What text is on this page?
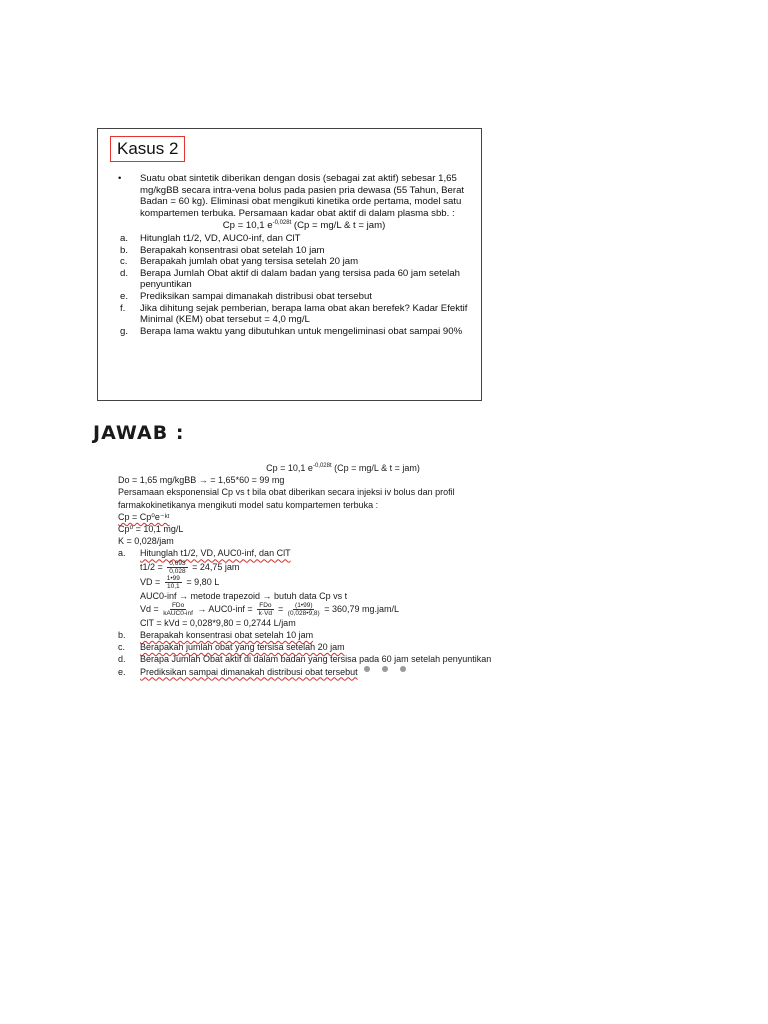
Kasus 2
•	Suatu obat sintetik diberikan dengan dosis (sebagai zat aktif) sebesar 1,65 mg/kgBB secara intra-vena bolus pada pasien pria dewasa (55 Tahun, Berat Badan = 60 kg). Eliminasi obat mengikuti kinetika orde pertama, model satu kompartemen terbuka. Persamaan kadar obat aktif di dalam plasma sbb. :
Cp = 10,1 $e^{-0,028t}$ (Cp = mg/L & t = jam)
a.	Hitunglah t1/2, VD, AUC0-inf, dan ClT
b.	Berapakah konsentrasi obat setelah 10 jam
c.	Berapakah jumlah obat yang tersisa setelah 20 jam
d.	Berapa Jumlah Obat aktif di dalam badan yang tersisa pada 60 jam setelah penyuntikan
e.	Prediksikan sampai dimanakah distribusi obat tersebut
f.	Jika dihitung sejak pemberian, berapa lama obat akan berefek? Kadar Efektif Minimal (KEM) obat tersebut = 4,0 mg/L
g.	Berapa lama waktu yang dibutuhkan untuk mengeliminasi obat sampai 90%
JAWAB :
Cp = 10,1 $e^{-0,028t}$ (Cp = mg/L & t = jam)
Do = 1,65 mg/kgBB → = 1,65*60 = 99 mg
Persamaan eksponensial Cp vs t bila obat diberikan secara injeksi iv bolus dan profil
farmakokinetikanya mengikuti model satu kompartemen terbuka :
Cp = Cp⁰e⁻ᵏᵗ
Cp⁰ = 10,1 mg/L
K = 0,028/jam
a.	Hitunglah t1/2, VD, AUC0-inf, dan ClT
$t1/2 = \frac{0,693}{0,028} = 24,75$ jam
VD = $\frac{1•99}{10,1} = 9,80$ L
AUC0-inf → metode trapezoid → butuh data Cp vs t
$Vd = \frac{\text{FDo}}{\text{kAUC0-inf}} \to AUC0-inf = \frac{\text{FDo}}{k\cdot Vd} = \frac{(1•99)}{(0,028•9,8)} = 360,79$ mg.jam/L
ClT = kVd = 0,028*9,80 = 0,2744 L/jam
b.	Berapakah konsentrasi obat setelah 10 jam
c.	Berapakah jumlah obat yang tersisa setelah 20 jam
d.	Berapa Jumlah Obat aktif di dalam badan yang tersisa pada 60 jam setelah penyuntikan
e.	Prediksikan sampai dimanakah distribusi obat tersebut
